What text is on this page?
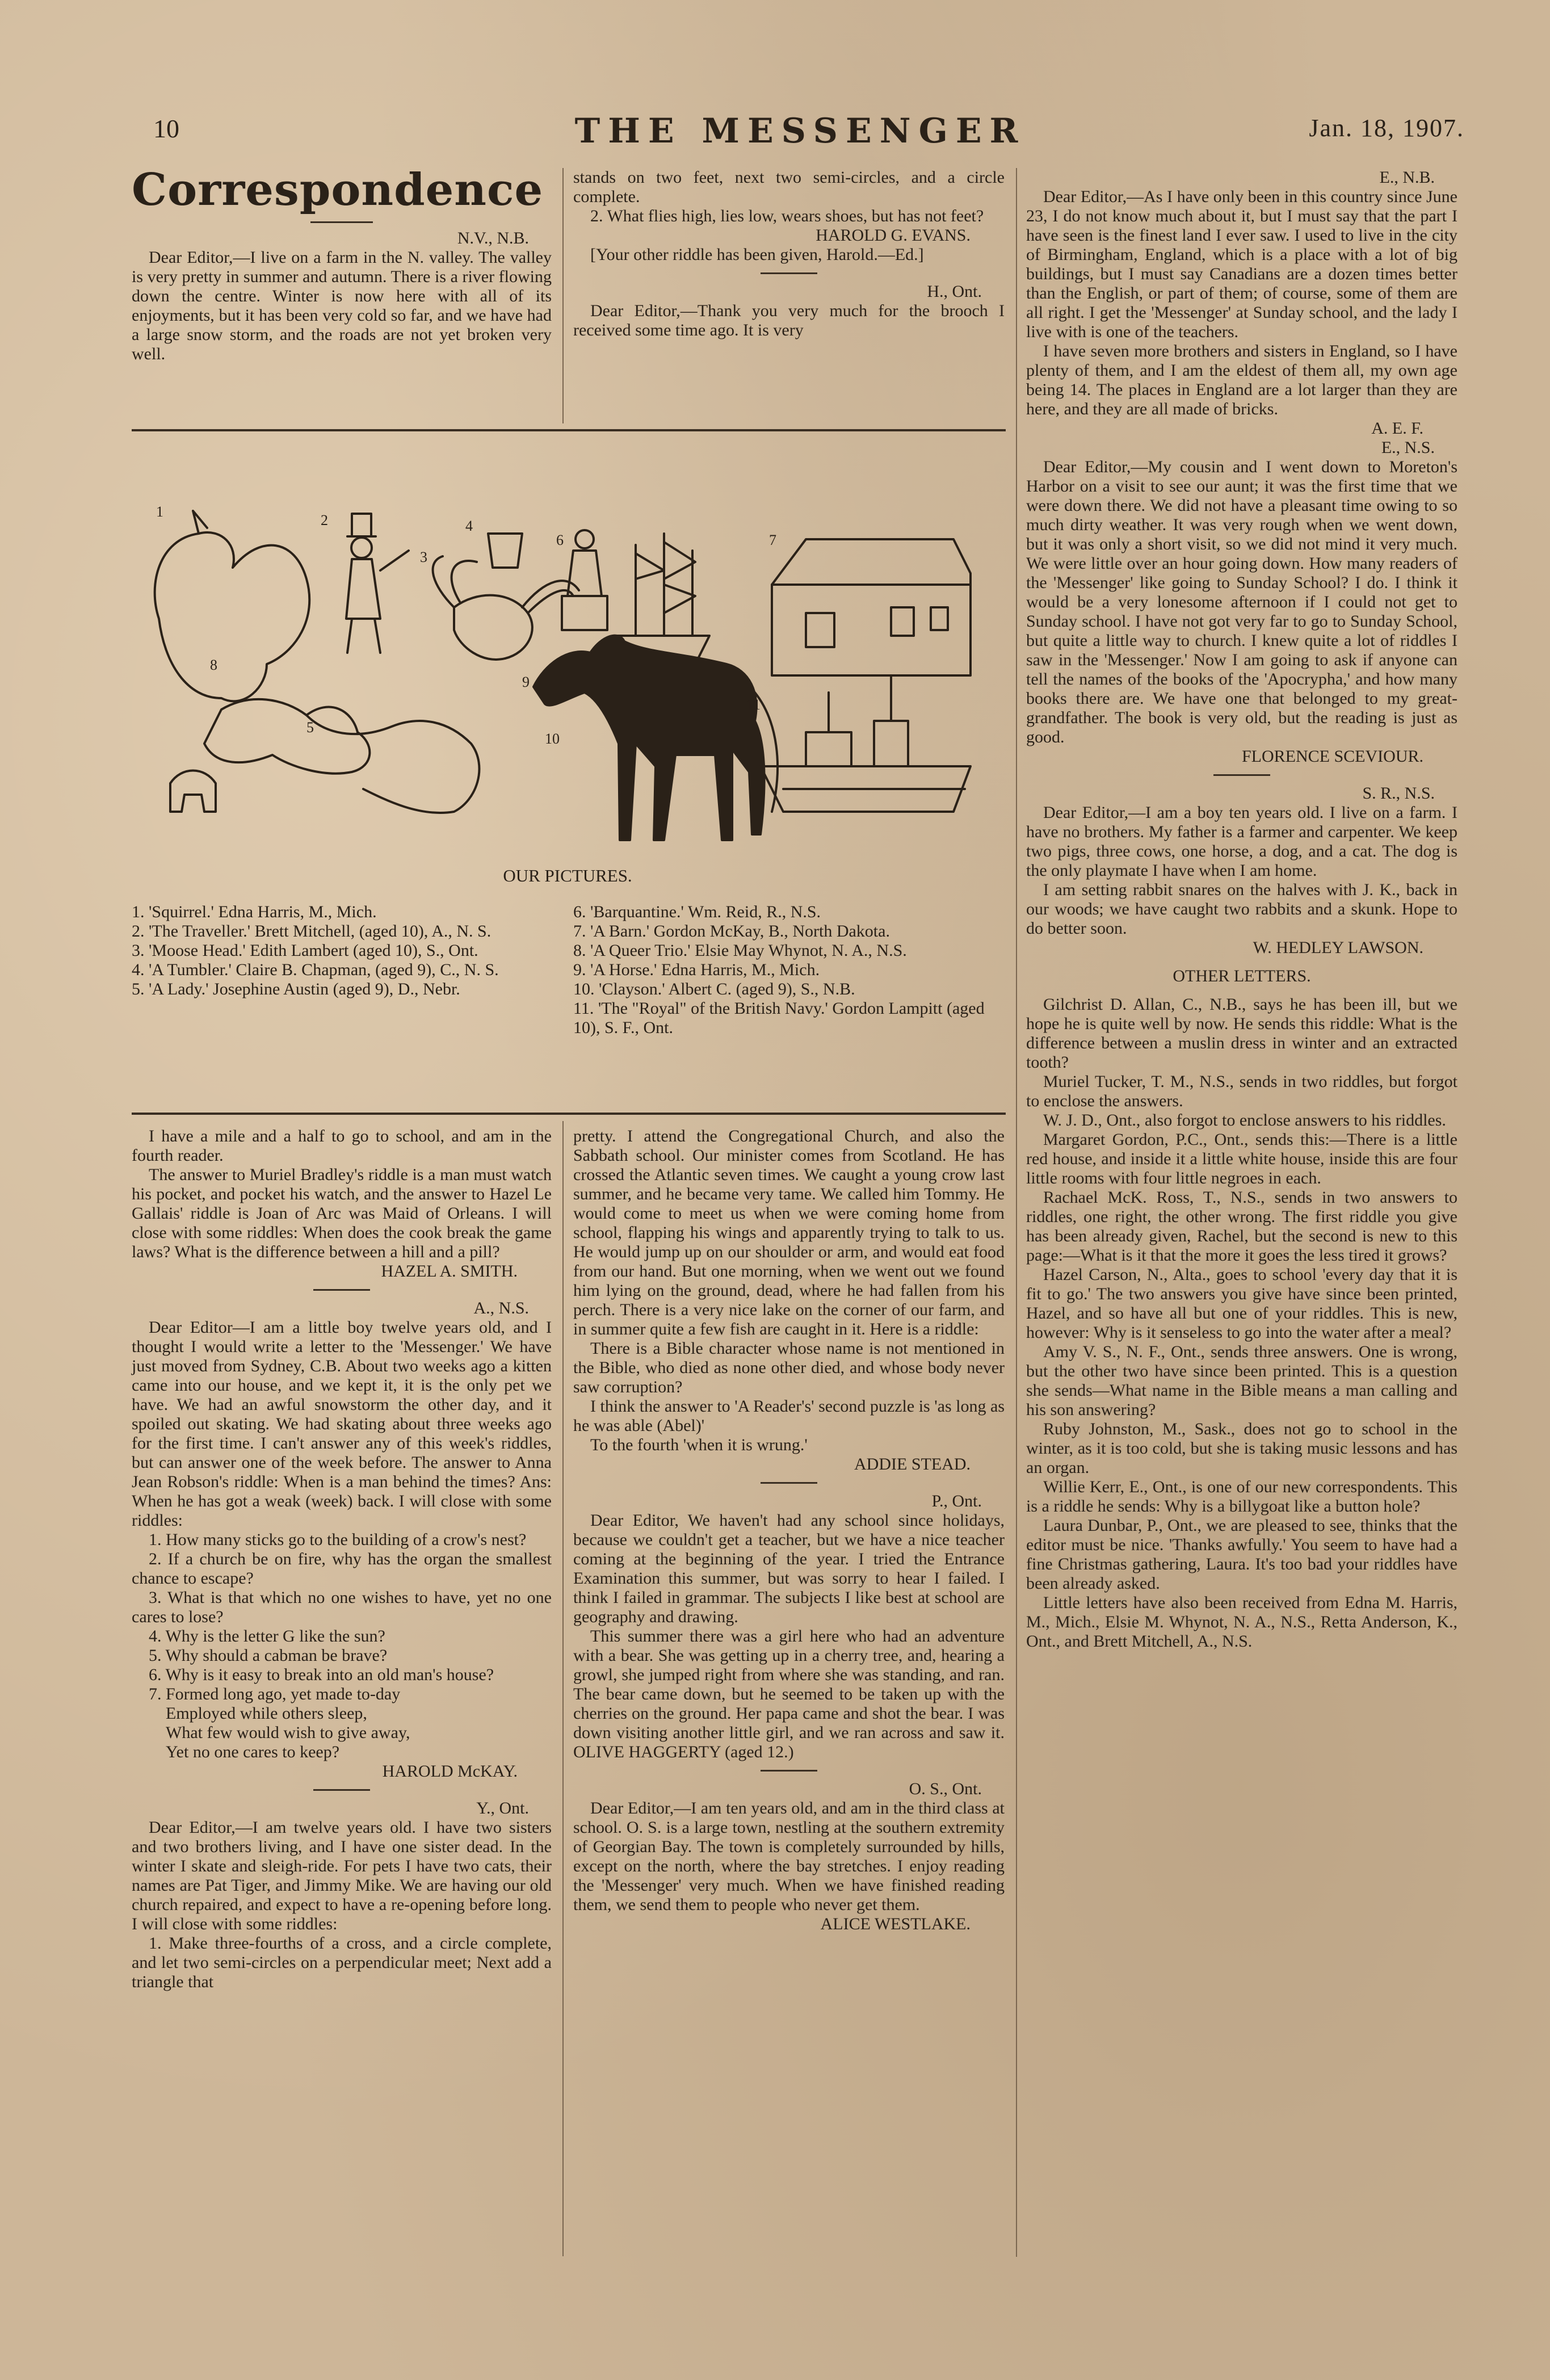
10	THE MESSENGER	Jan. 18, 1907.
Correspondence

N.V., N.B.

Dear Editor,—I live on a farm in the N. valley. The valley is very pretty in summer and autumn. There is a river flowing down the centre. Winter is now here with all of its enjoyments, but it has been very cold so far, and we have had a large snow storm, and the roads are not yet broken very well.

stands on two feet, next two semi-circles, and a circle complete.

2. What flies high, lies low, wears shoes, but has not feet?

HAROLD G. EVANS.

[Your other riddle has been given, Harold.—Ed.]

H., Ont.

Dear Editor,—Thank you very much for the brooch I received some time ago. It is very

1
2
3
4
5
6	7
8
9
10
11
OUR PICTURES.
1. 'Squirrel.' Edna Harris, M., Mich.
2. 'The Traveller.' Brett Mitchell, (aged 10), A., N. S.
3. 'Moose Head.' Edith Lambert (aged 10), S., Ont.
4. 'A Tumbler.' Claire B. Chapman, (aged 9), C., N. S.
5. 'A Lady.' Josephine Austin (aged 9), D., Nebr.
6. 'Barquantine.' Wm. Reid, R., N.S.
7. 'A Barn.' Gordon McKay, B., North Dakota.
8. 'A Queer Trio.' Elsie May Whynot, N. A., N.S.
9. 'A Horse.' Edna Harris, M., Mich.
10. 'Clayson.' Albert C. (aged 9), S., N.B.
11. 'The "Royal" of the British Navy.' Gordon Lampitt (aged 10), S. F., Ont.

E., N.B.

Dear Editor,—As I have only been in this country since June 23, I do not know much about it, but I must say that the part I have seen is the finest land I ever saw. I used to live in the city of Birmingham, England, which is a place with a lot of big buildings, but I must say Canadians are a dozen times better than the English, or part of them; of course, some of them are all right. I get the 'Messenger' at Sunday school, and the lady I live with is one of the teachers.

I have seven more brothers and sisters in England, so I have plenty of them, and I am the eldest of them all, my own age being 14. The places in England are a lot larger than they are here, and they are all made of bricks.

A. E. F.

E., N.S.

Dear Editor,—My cousin and I went down to Moreton's Harbor on a visit to see our aunt; it was the first time that we were down there. We did not have a pleasant time owing to so much dirty weather. It was very rough when we went down, but it was only a short visit, so we did not mind it very much. We were little over an hour going down. How many readers of the 'Messenger' like going to Sunday School? I do. I think it would be a very lonesome afternoon if I could not get to Sunday school. I have not got very far to go to Sunday School, but quite a little way to church. I knew quite a lot of riddles I saw in the 'Messenger.' Now I am going to ask if anyone can tell the names of the books of the 'Apocrypha,' and how many books there are. We have one that belonged to my great-grandfather. The book is very old, but the reading is just as good.

FLORENCE SCEVIOUR.

S. R., N.S.

Dear Editor,—I am a boy ten years old. I live on a farm. I have no brothers. My father is a farmer and carpenter. We keep two pigs, three cows, one horse, a dog, and a cat. The dog is the only playmate I have when I am home.

I am setting rabbit snares on the halves with J. K., back in our woods; we have caught two rabbits and a skunk. Hope to do better soon.

W. HEDLEY LAWSON.

OTHER LETTERS.

Gilchrist D. Allan, C., N.B., says he has been ill, but we hope he is quite well by now. He sends this riddle: What is the difference between a muslin dress in winter and an extracted tooth?

Muriel Tucker, T. M., N.S., sends in two riddles, but forgot to enclose the answers.

W. J. D., Ont., also forgot to enclose answers to his riddles.

Margaret Gordon, P.C., Ont., sends this:—There is a little red house, and inside it a little white house, inside this are four little rooms with four little negroes in each.

Rachael McK. Ross, T., N.S., sends in two answers to riddles, one right, the other wrong. The first riddle you give has been already given, Rachel, but the second is new to this page:—What is it that the more it goes the less tired it grows?

Hazel Carson, N., Alta., goes to school 'every day that it is fit to go.' The two answers you give have since been printed, Hazel, and so have all but one of your riddles. This is new, however: Why is it senseless to go into the water after a meal?

Amy V. S., N. F., Ont., sends three answers. One is wrong, but the other two have since been printed. This is a question she sends—What name in the Bible means a man calling and his son answering?

Ruby Johnston, M., Sask., does not go to school in the winter, as it is too cold, but she is taking music lessons and has an organ.

Willie Kerr, E., Ont., is one of our new correspondents. This is a riddle he sends: Why is a billygoat like a button hole?

Laura Dunbar, P., Ont., we are pleased to see, thinks that the editor must be nice. 'Thanks awfully.' You seem to have had a fine Christmas gathering, Laura. It's too bad your riddles have been already asked.

Little letters have also been received from Edna M. Harris, M., Mich., Elsie M. Whynot, N. A., N.S., Retta Anderson, K., Ont., and Brett Mitchell, A., N.S.

I have a mile and a half to go to school, and am in the fourth reader.

The answer to Muriel Bradley's riddle is a man must watch his pocket, and pocket his watch, and the answer to Hazel Le Gallais' riddle is Joan of Arc was Maid of Orleans. I will close with some riddles: When does the cook break the game laws? What is the difference between a hill and a pill?

HAZEL A. SMITH.

A., N.S.

Dear Editor—I am a little boy twelve years old, and I thought I would write a letter to the 'Messenger.' We have just moved from Sydney, C.B. About two weeks ago a kitten came into our house, and we kept it, it is the only pet we have. We had an awful snowstorm the other day, and it spoiled out skating. We had skating about three weeks ago for the first time. I can't answer any of this week's riddles, but can answer one of the week before. The answer to Anna Jean Robson's riddle: When is a man behind the times? Ans: When he has got a weak (week) back. I will close with some riddles:

1. How many sticks go to the building of a crow's nest?

2. If a church be on fire, why has the organ the smallest chance to escape?

3. What is that which no one wishes to have, yet no one cares to lose?

4. Why is the letter G like the sun?

5. Why should a cabman be brave?

6. Why is it easy to break into an old man's house?

7. Formed long ago, yet made to-day

Employed while others sleep,

What few would wish to give away,

Yet no one cares to keep?

HAROLD McKAY.

Y., Ont.

Dear Editor,—I am twelve years old. I have two sisters and two brothers living, and I have one sister dead. In the winter I skate and sleigh-ride. For pets I have two cats, their names are Pat Tiger, and Jimmy Mike. We are having our old church repaired, and expect to have a re-opening before long. I will close with some riddles:

1. Make three-fourths of a cross, and a circle complete, and let two semi-circles on a perpendicular meet; Next add a triangle that

pretty. I attend the Congregational Church, and also the Sabbath school. Our minister comes from Scotland. He has crossed the Atlantic seven times. We caught a young crow last summer, and he became very tame. We called him Tommy. He would come to meet us when we were coming home from school, flapping his wings and apparently trying to talk to us. He would jump up on our shoulder or arm, and would eat food from our hand. But one morning, when we went out we found him lying on the ground, dead, where he had fallen from his perch. There is a very nice lake on the corner of our farm, and in summer quite a few fish are caught in it. Here is a riddle:

There is a Bible character whose name is not mentioned in the Bible, who died as none other died, and whose body never saw corruption?

I think the answer to 'A Reader's' second puzzle is 'as long as he was able (Abel)'

To the fourth 'when it is wrung.'

ADDIE STEAD.

P., Ont.

Dear Editor, We haven't had any school since holidays, because we couldn't get a teacher, but we have a nice teacher coming at the beginning of the year. I tried the Entrance Examination this summer, but was sorry to hear I failed. I think I failed in grammar. The subjects I like best at school are geography and drawing.

This summer there was a girl here who had an adventure with a bear. She was getting up in a cherry tree, and, hearing a growl, she jumped right from where she was standing, and ran. The bear came down, but he seemed to be taken up with the cherries on the ground. Her papa came and shot the bear. I was down visiting another little girl, and we ran across and saw it. OLIVE HAGGERTY (aged 12.)

O. S., Ont.

Dear Editor,—I am ten years old, and am in the third class at school. O. S. is a large town, nestling at the southern extremity of Georgian Bay. The town is completely surrounded by hills, except on the north, where the bay stretches. I enjoy reading the 'Messenger' very much. When we have finished reading them, we send them to people who never get them.

ALICE WESTLAKE.
